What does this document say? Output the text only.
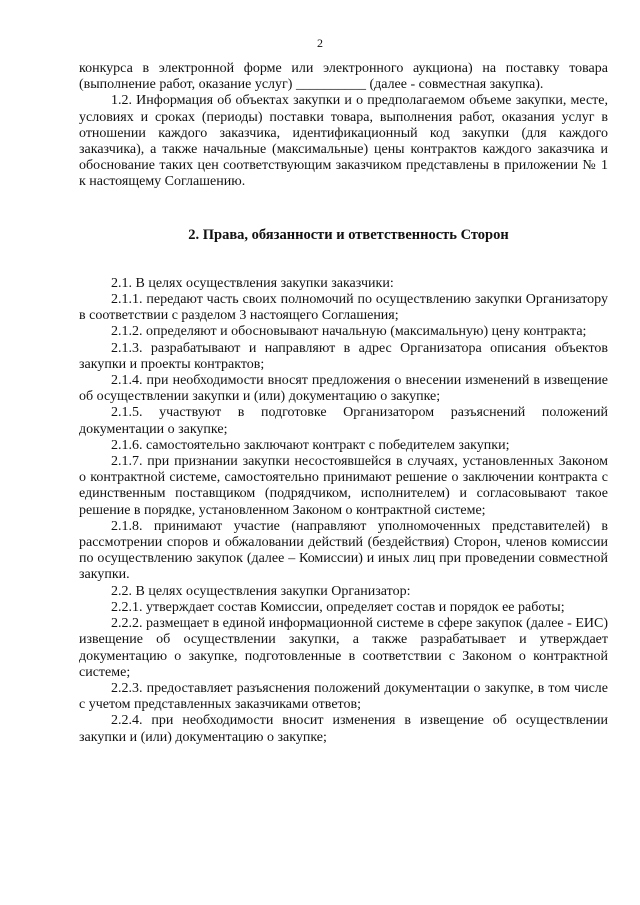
2

конкурса в электронной форме или электронного аукциона) на поставку товара (выполнение работ, оказание услуг) __________ (далее - совместная закупка).

1.2. Информация об объектах закупки и о предполагаемом объеме закупки, месте, условиях и сроках (периоды) поставки товара, выполнения работ, оказания услуг в отношении каждого заказчика, идентификационный код закупки (для каждого заказчика), а также начальные (максимальные) цены контрактов каждого заказчика и обоснование таких цен соответствующим заказчиком представлены в приложении № 1 к настоящему Соглашению.

2. Права, обязанности и ответственность Сторон

2.1. В целях осуществления закупки заказчики:

2.1.1. передают часть своих полномочий по осуществлению закупки Организатору в соответствии с разделом 3 настоящего Соглашения;

2.1.2. определяют и обосновывают начальную (максимальную) цену контракта;

2.1.3. разрабатывают и направляют в адрес Организатора описания объектов закупки и проекты контрактов;

2.1.4. при необходимости вносят предложения о внесении изменений в извещение об осуществлении закупки и (или) документацию о закупке;

2.1.5. участвуют в подготовке Организатором разъяснений положений документации о закупке;

2.1.6. самостоятельно заключают контракт с победителем закупки;

2.1.7. при признании закупки несостоявшейся в случаях, установленных Законом о контрактной системе, самостоятельно принимают решение о заключении контракта с единственным поставщиком (подрядчиком, исполнителем) и согласовывают такое решение в порядке, установленном Законом о контрактной системе;

2.1.8. принимают участие (направляют уполномоченных представителей) в рассмотрении споров и обжаловании действий (бездействия) Сторон, членов комиссии по осуществлению закупок (далее – Комиссии) и иных лиц при проведении совместной закупки.

2.2. В целях осуществления закупки Организатор:

2.2.1. утверждает состав Комиссии, определяет состав и порядок ее работы;

2.2.2. размещает в единой информационной системе в сфере закупок (далее - ЕИС) извещение об осуществлении закупки, а также разрабатывает и утверждает документацию о закупке, подготовленные в соответствии с Законом о контрактной системе;

2.2.3. предоставляет разъяснения положений документации о закупке, в том числе с учетом представленных заказчиками ответов;

2.2.4. при необходимости вносит изменения в извещение об осуществлении закупки и (или) документацию о закупке;
